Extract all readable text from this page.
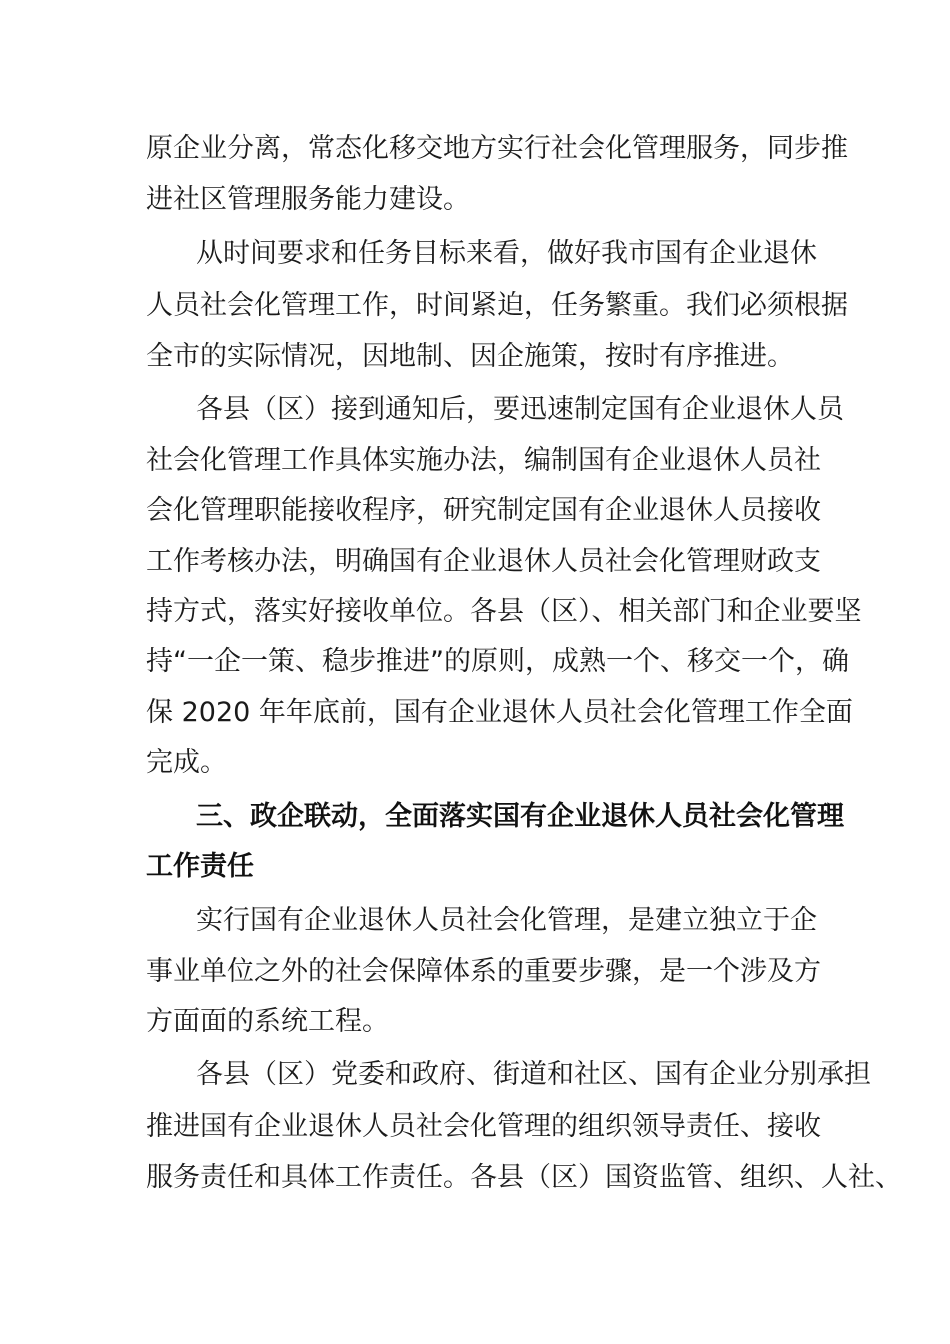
原企业分离，常态化移交地方实行社会化管理服务，同步推
进社区管理服务能力建设。
从时间要求和任务目标来看，做好我市国有企业退休
人员社会化管理工作，时间紧迫，任务繁重。我们必须根据
全市的实际情况，因地制、因企施策，按时有序推进。
各县（区）接到通知后，要迅速制定国有企业退休人员
社会化管理工作具体实施办法，编制国有企业退休人员社
会化管理职能接收程序，研究制定国有企业退休人员接收
工作考核办法，明确国有企业退休人员社会化管理财政支
持方式，落实好接收单位。各县（区）、相关部门和企业要坚
持“一企一策、稳步推进”的原则，成熟一个、移交一个，确
保 2020 年年底前，国有企业退休人员社会化管理工作全面
完成。
三、政企联动，全面落实国有企业退休人员社会化管理
工作责任
实行国有企业退休人员社会化管理，是建立独立于企
事业单位之外的社会保障体系的重要步骤，是一个涉及方
方面面的系统工程。
各县（区）党委和政府、街道和社区、国有企业分别承担
推进国有企业退休人员社会化管理的组织领导责任、接收
服务责任和具体工作责任。各县（区）国资监管、组织、人社、
